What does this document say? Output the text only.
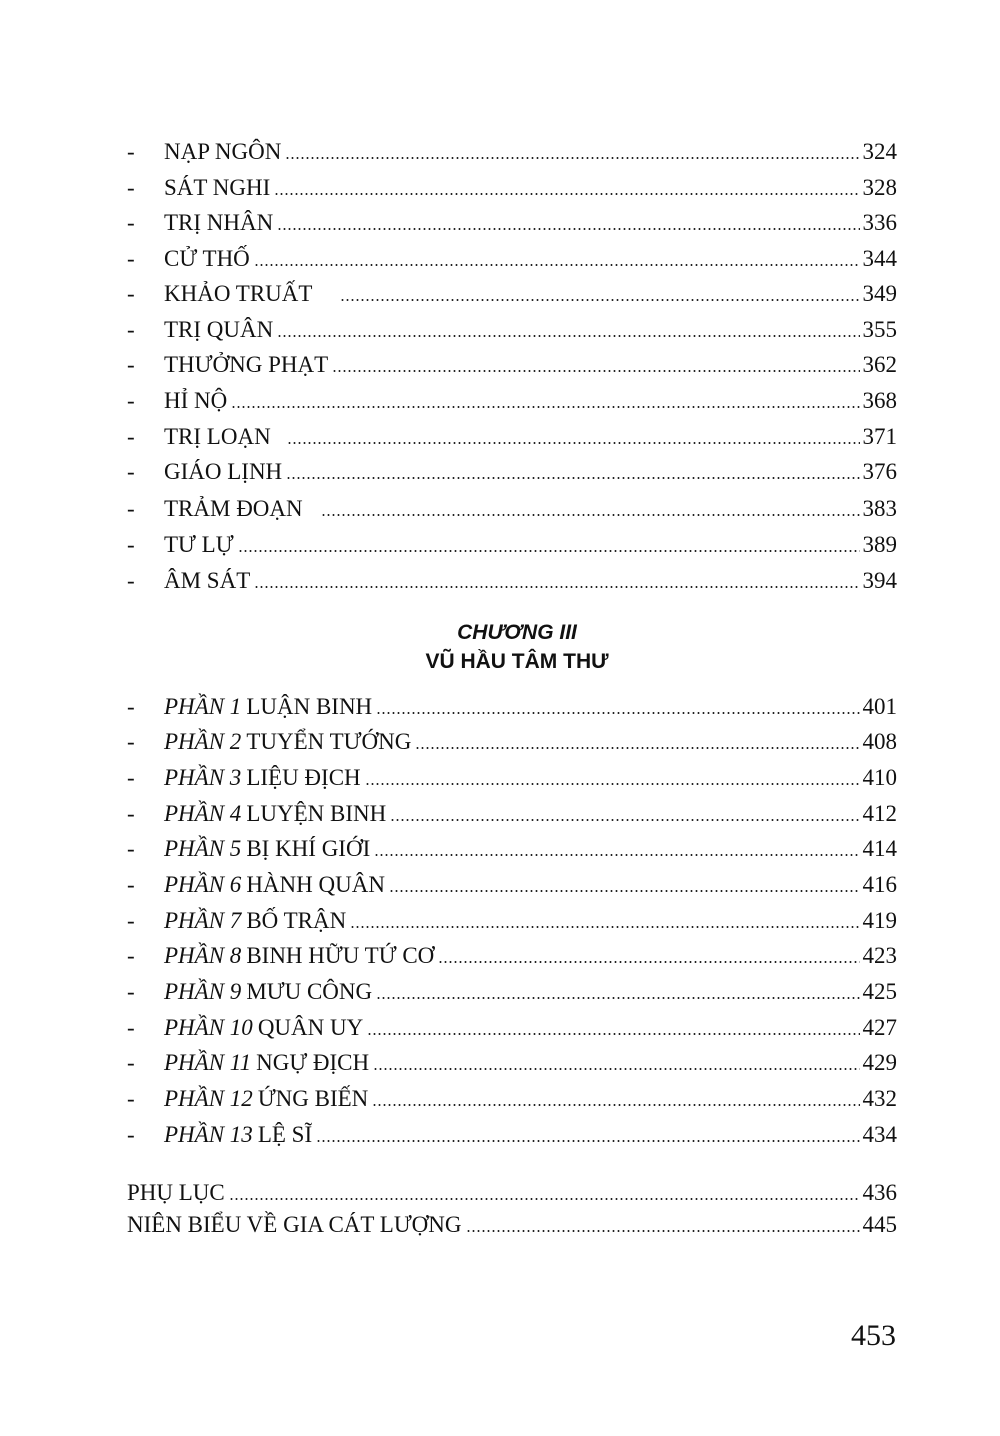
-	NẠP NGÔN	324
-	SÁT NGHI	328
-	TRỊ NHÂN	336
-	CỬ THỐ	344
-	KHẢO TRUẤT	349
-	TRỊ QUÂN	355
-	THƯỞNG PHẠT	362
-	HỈ NỘ	368
-	TRỊ LOẠN	371
-	GIÁO LỊNH	376
-	TRẢM ĐOẠN	383
-	TƯ LỰ	389
-	ÂM SÁT	394
CHƯƠNG III
VŨ HẦU TÂM THƯ
-	PHẦN 1 LUẬN BINH	401
-	PHẦN 2 TUYỂN TƯỚNG	408
-	PHẦN 3 LIỆU ĐỊCH	410
-	PHẦN 4 LUYỆN BINH	412
-	PHẦN 5 BỊ KHÍ GIỚI	414
-	PHẦN 6 HÀNH QUÂN	416
-	PHẦN 7 BỐ TRẬN	419
-	PHẦN 8 BINH HỮU TỨ CƠ	423
-	PHẦN 9 MƯU CÔNG	425
-	PHẦN 10 QUÂN UY	427
-	PHẦN 11 NGỰ ĐỊCH	429
-	PHẦN 12 ỨNG BIẾN	432
-	PHẦN 13 LỆ SĨ	434
PHỤ LỤC	436
NIÊN BIỂU VỀ GIA CÁT LƯỢNG	445
453
